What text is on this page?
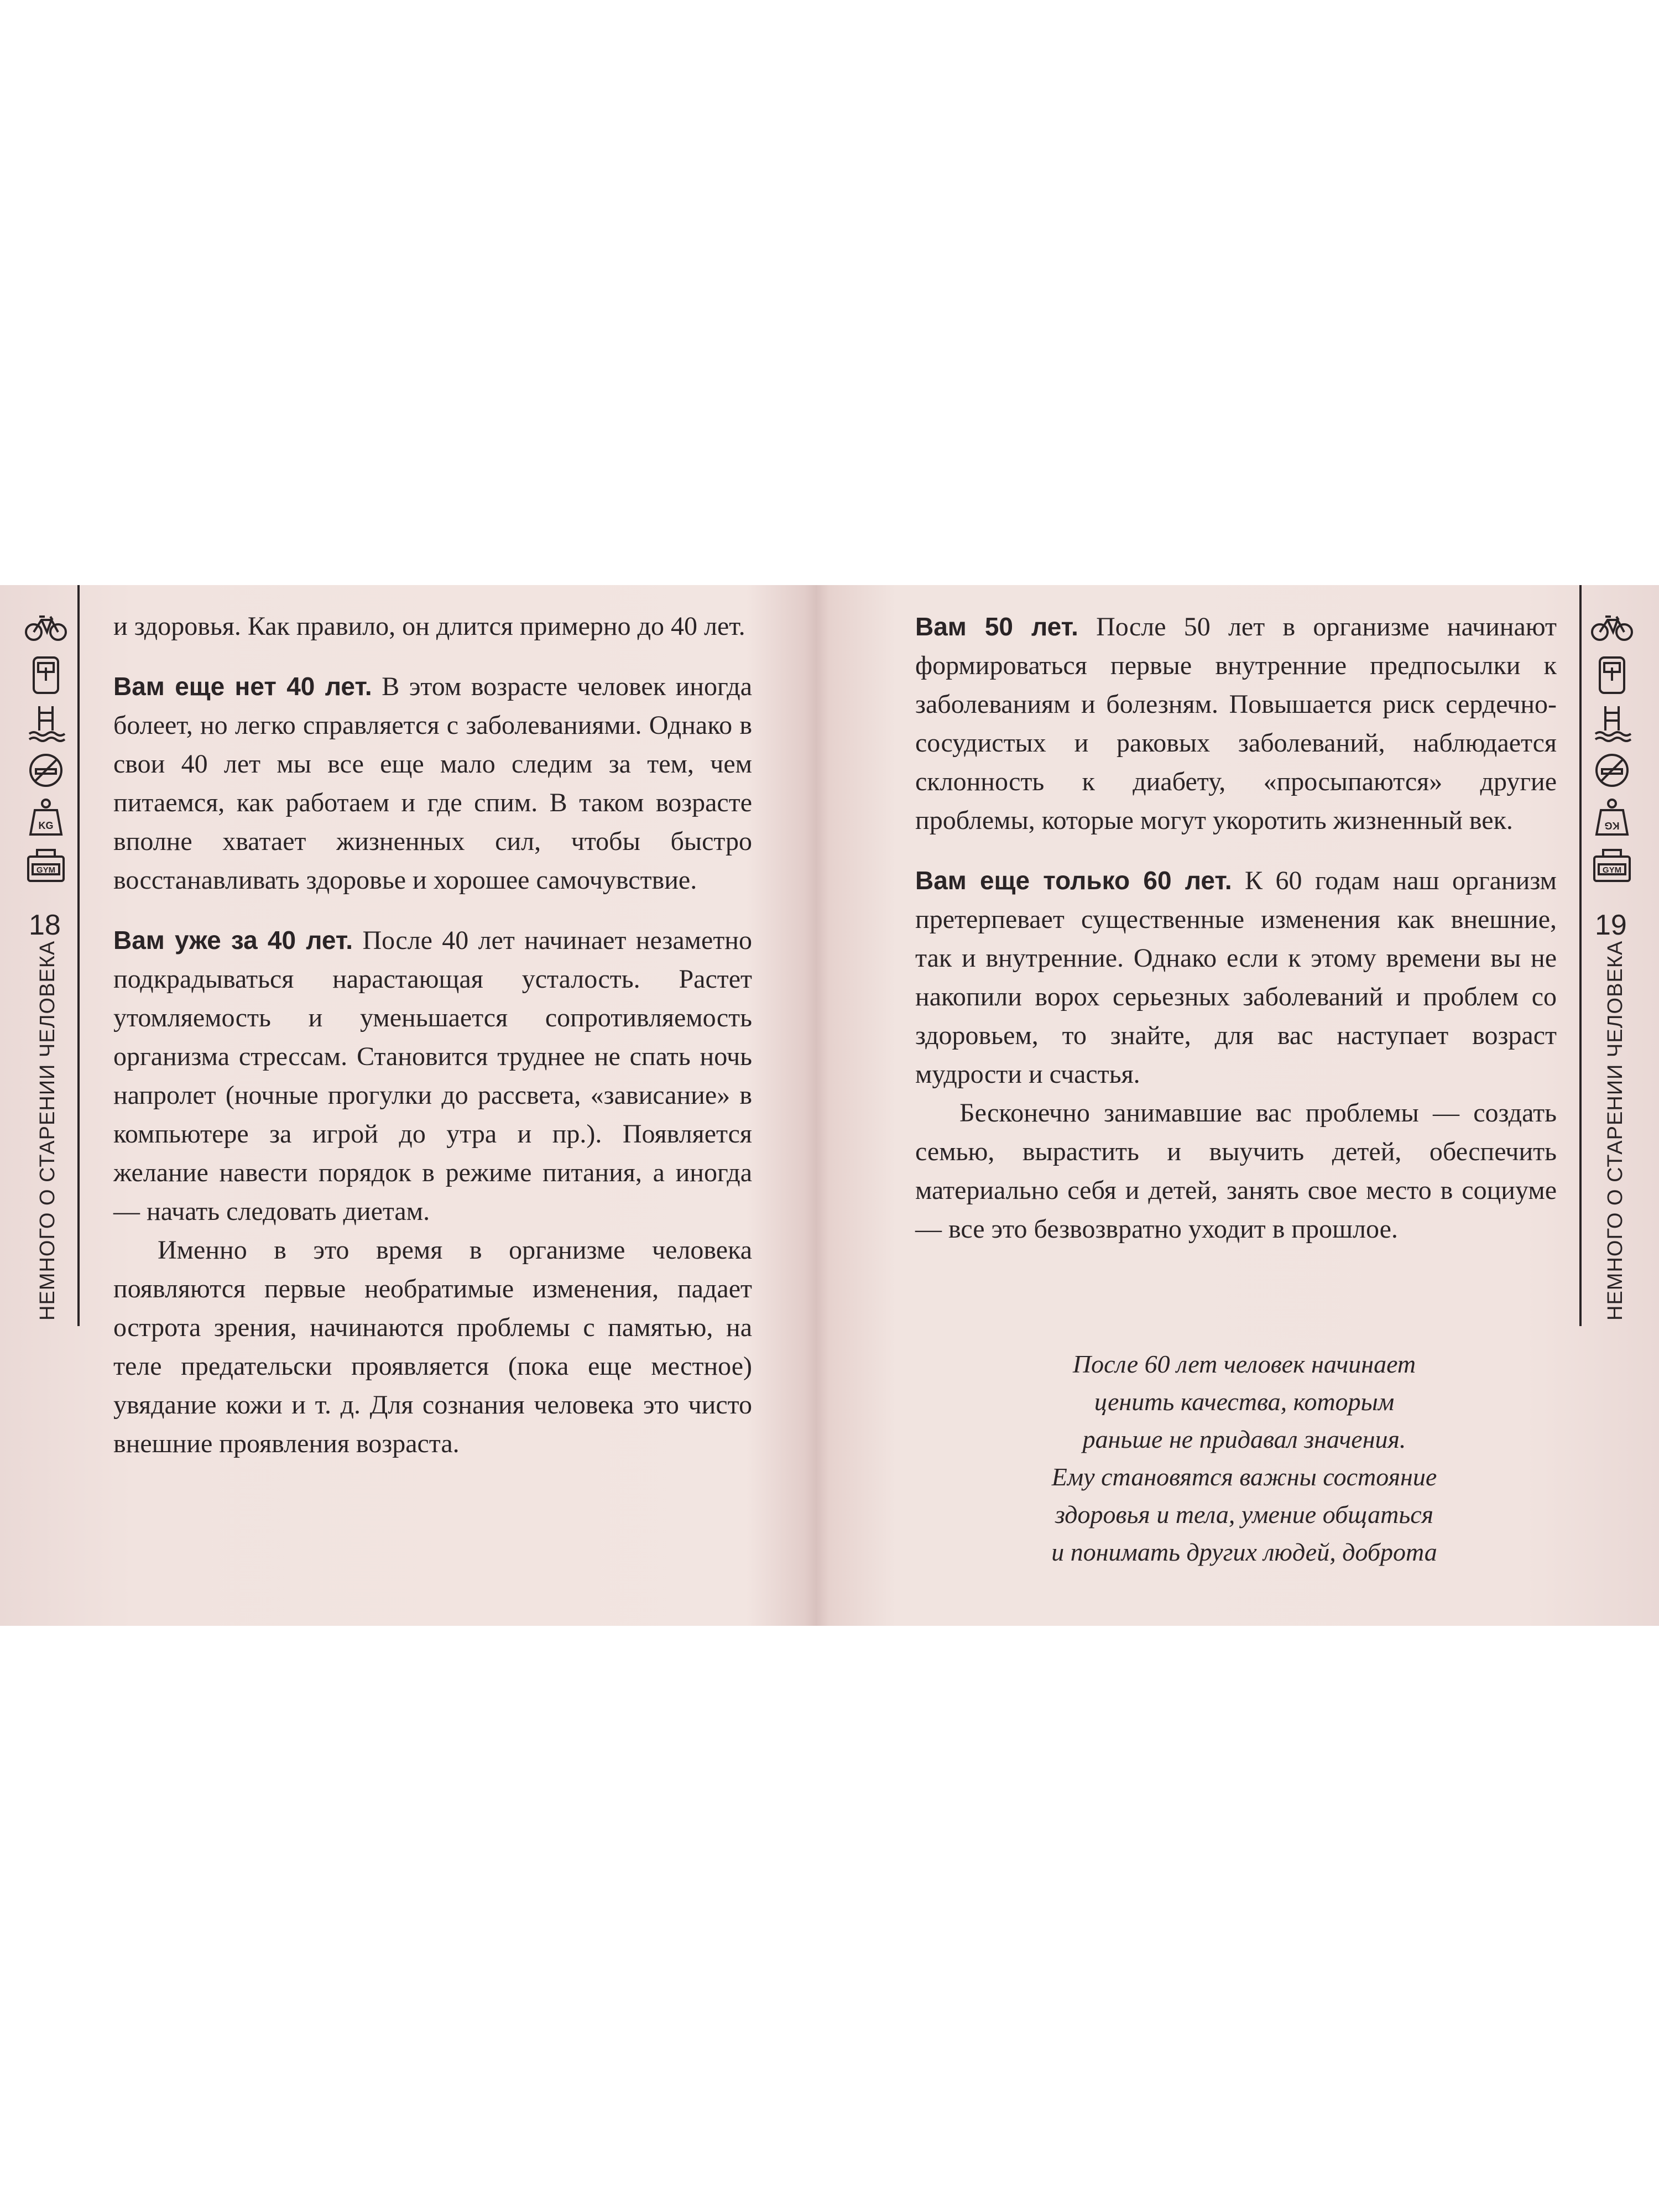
KG
GYM
18
НЕМНОГО О СТАРЕНИИ ЧЕЛОВЕКА

и здоровья. Как правило, он длится примерно до 40 лет.

Вам еще нет 40 лет. В этом возрасте человек иногда болеет, но легко справляется с заболеваниями. Однако в свои 40 лет мы все еще мало следим за тем, чем питаемся, как работаем и где спим. В таком возрасте вполне хватает жизненных сил, чтобы быстро восстанавливать здоровье и хорошее самочувствие.

Вам уже за 40 лет. После 40 лет начинает незаметно подкрадываться нарастающая усталость. Растет утомляемость и уменьшается сопротивляемость организма стрессам. Становится труднее не спать ночь напролет (ночные прогулки до рассвета, «зависание» в компьютере за игрой до утра и пр.). Появляется желание навести порядок в режиме питания, а иногда — начать следовать диетам.

Именно в это время в организме человека появляются первые необратимые изменения, падает острота зрения, начинаются проблемы с памятью, на теле предательски проявляется (пока еще местное) увядание кожи и т. д. Для сознания человека это чисто внешние проявления возраста.

Вам 50 лет. После 50 лет в организме начинают формироваться первые внутренние предпосылки к заболеваниям и болезням. Повышается риск сердечно-сосудистых и раковых заболеваний, наблюдается склонность к диабету, «просыпаются» другие проблемы, которые могут укоротить жизненный век.

Вам еще только 60 лет. К 60 годам наш организм претерпевает существенные изменения как внешние, так и внутренние. Однако если к этому времени вы не накопили ворох серьезных заболеваний и проблем со здоровьем, то знайте, для вас наступает возраст мудрости и счастья.

Бесконечно занимавшие вас проблемы — создать семью, вырастить и выучить детей, обеспечить материально себя и детей, занять свое место в социуме — все это безвозвратно уходит в прошлое.

После 60 лет человек начинает
ценить качества, которым
раньше не придавал значения.
Ему становятся важны состояние
здоровья и тела, умение общаться
и понимать других людей, доброта
KG
GYM
19
НЕМНОГО О СТАРЕНИИ ЧЕЛОВЕКА
